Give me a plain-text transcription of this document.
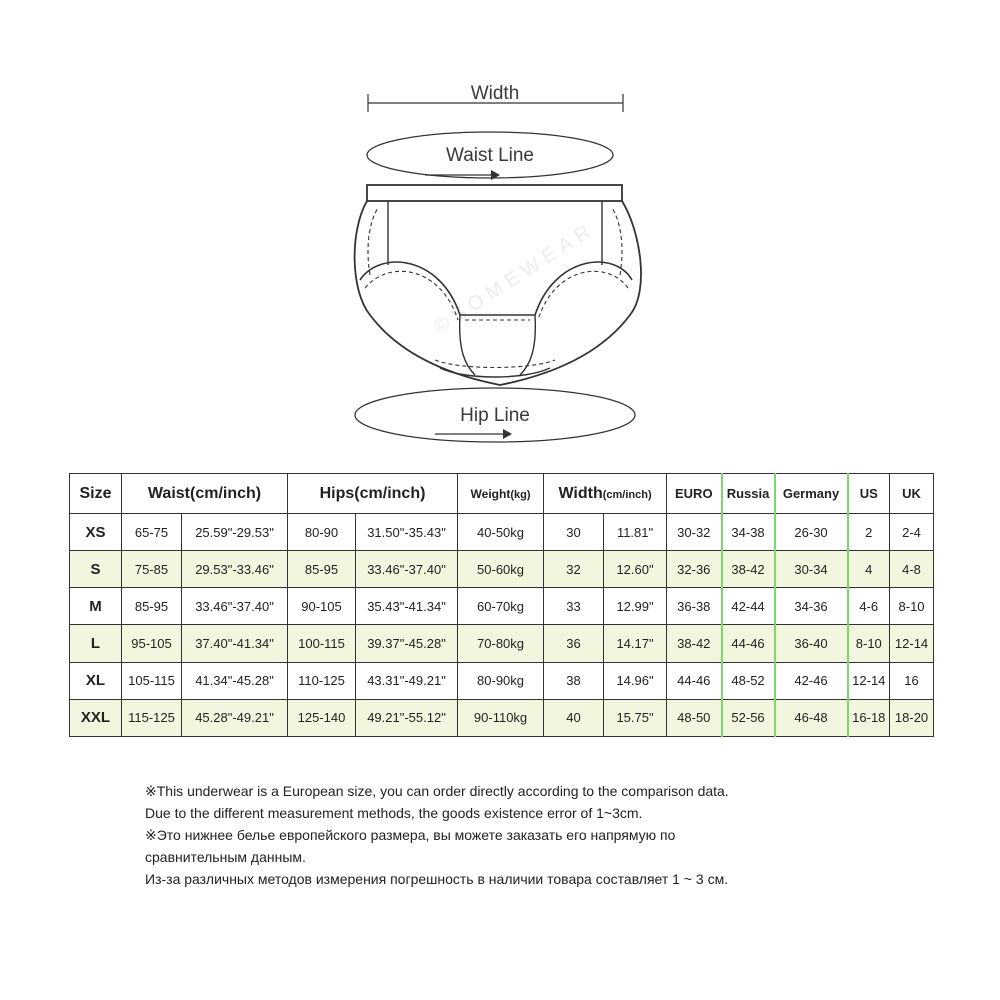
Width
Waist Line
Hip Line
©SOMEWEAR
Size	Waist(cm/inch)		Hips(cm/inch)		Weight(kg)	Width(cm/inch)		EURO	Russia	Germany	US	UK
XS	65-75	25.59"-29.53"	80-90	31.50"-35.43"	40-50kg	30	11.81"	30-32	34-38	26-30	2	2-4
S	75-85	29.53"-33.46"	85-95	33.46"-37.40"	50-60kg	32	12.60"	32-36	38-42	30-34	4	4-8
M	85-95	33.46"-37.40"	90-105	35.43"-41.34"	60-70kg	33	12.99"	36-38	42-44	34-36	4-6	8-10
L	95-105	37.40"-41.34"	100-115	39.37"-45.28"	70-80kg	36	14.17"	38-42	44-46	36-40	8-10	12-14
XL	105-115	41.34"-45.28"	110-125	43.31"-49.21"	80-90kg	38	14.96"	44-46	48-52	42-46	12-14	16
XXL	115-125	45.28"-49.21"	125-140	49.21"-55.12"	90-110kg	40	15.75"	48-50	52-56	46-48	16-18	18-20
※This underwear is a European size, you can order directly according to the comparison data.
Due to the different measurement methods, the goods existence error of 1~3cm.
※Это нижнее белье европейского размера, вы можете заказать его напрямую по
сравнительным данным.
Из-за различных методов измерения погрешность в наличии товара составляет 1 ~ 3 см.
